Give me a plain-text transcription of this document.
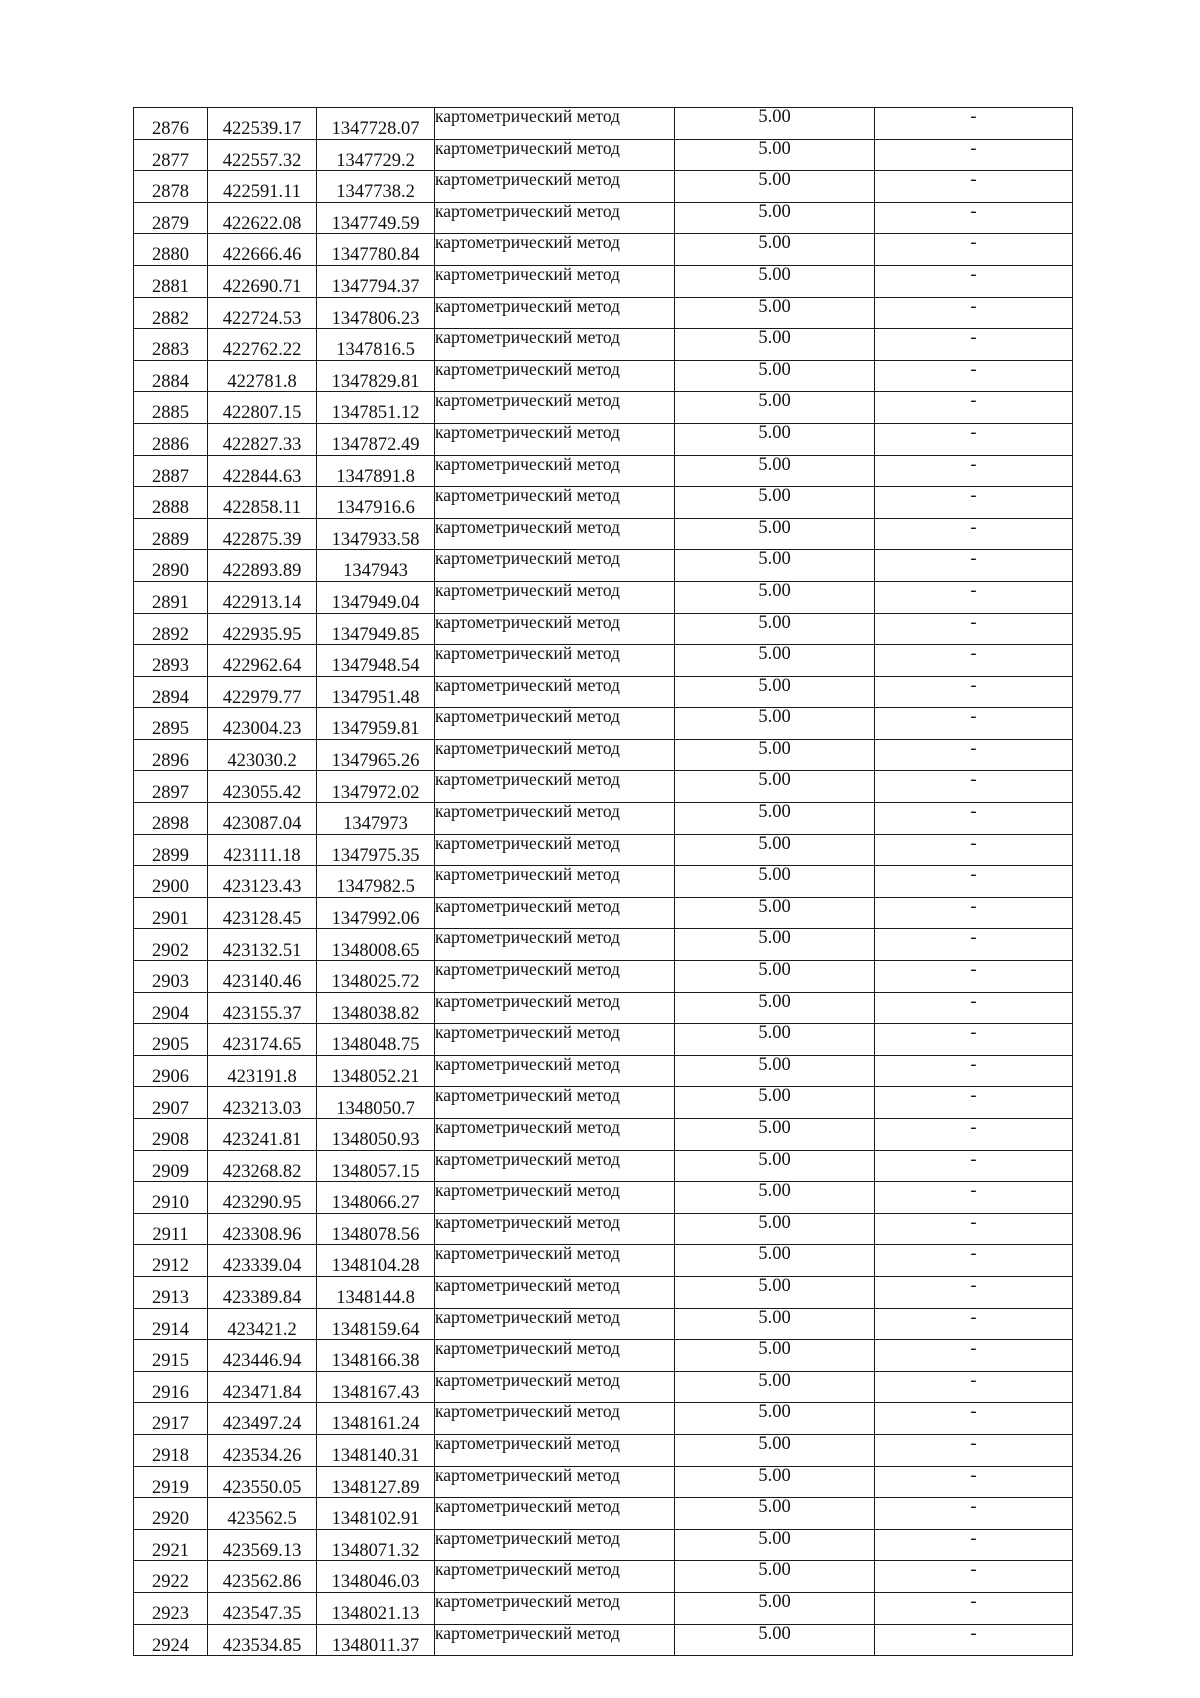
2876	422539.17	1347728.07	картометрический метод	5.00	-
2877	422557.32	1347729.2	картометрический метод	5.00	-
2878	422591.11	1347738.2	картометрический метод	5.00	-
2879	422622.08	1347749.59	картометрический метод	5.00	-
2880	422666.46	1347780.84	картометрический метод	5.00	-
2881	422690.71	1347794.37	картометрический метод	5.00	-
2882	422724.53	1347806.23	картометрический метод	5.00	-
2883	422762.22	1347816.5	картометрический метод	5.00	-
2884	422781.8	1347829.81	картометрический метод	5.00	-
2885	422807.15	1347851.12	картометрический метод	5.00	-
2886	422827.33	1347872.49	картометрический метод	5.00	-
2887	422844.63	1347891.8	картометрический метод	5.00	-
2888	422858.11	1347916.6	картометрический метод	5.00	-
2889	422875.39	1347933.58	картометрический метод	5.00	-
2890	422893.89	1347943	картометрический метод	5.00	-
2891	422913.14	1347949.04	картометрический метод	5.00	-
2892	422935.95	1347949.85	картометрический метод	5.00	-
2893	422962.64	1347948.54	картометрический метод	5.00	-
2894	422979.77	1347951.48	картометрический метод	5.00	-
2895	423004.23	1347959.81	картометрический метод	5.00	-
2896	423030.2	1347965.26	картометрический метод	5.00	-
2897	423055.42	1347972.02	картометрический метод	5.00	-
2898	423087.04	1347973	картометрический метод	5.00	-
2899	423111.18	1347975.35	картометрический метод	5.00	-
2900	423123.43	1347982.5	картометрический метод	5.00	-
2901	423128.45	1347992.06	картометрический метод	5.00	-
2902	423132.51	1348008.65	картометрический метод	5.00	-
2903	423140.46	1348025.72	картометрический метод	5.00	-
2904	423155.37	1348038.82	картометрический метод	5.00	-
2905	423174.65	1348048.75	картометрический метод	5.00	-
2906	423191.8	1348052.21	картометрический метод	5.00	-
2907	423213.03	1348050.7	картометрический метод	5.00	-
2908	423241.81	1348050.93	картометрический метод	5.00	-
2909	423268.82	1348057.15	картометрический метод	5.00	-
2910	423290.95	1348066.27	картометрический метод	5.00	-
2911	423308.96	1348078.56	картометрический метод	5.00	-
2912	423339.04	1348104.28	картометрический метод	5.00	-
2913	423389.84	1348144.8	картометрический метод	5.00	-
2914	423421.2	1348159.64	картометрический метод	5.00	-
2915	423446.94	1348166.38	картометрический метод	5.00	-
2916	423471.84	1348167.43	картометрический метод	5.00	-
2917	423497.24	1348161.24	картометрический метод	5.00	-
2918	423534.26	1348140.31	картометрический метод	5.00	-
2919	423550.05	1348127.89	картометрический метод	5.00	-
2920	423562.5	1348102.91	картометрический метод	5.00	-
2921	423569.13	1348071.32	картометрический метод	5.00	-
2922	423562.86	1348046.03	картометрический метод	5.00	-
2923	423547.35	1348021.13	картометрический метод	5.00	-
2924	423534.85	1348011.37	картометрический метод	5.00	-
